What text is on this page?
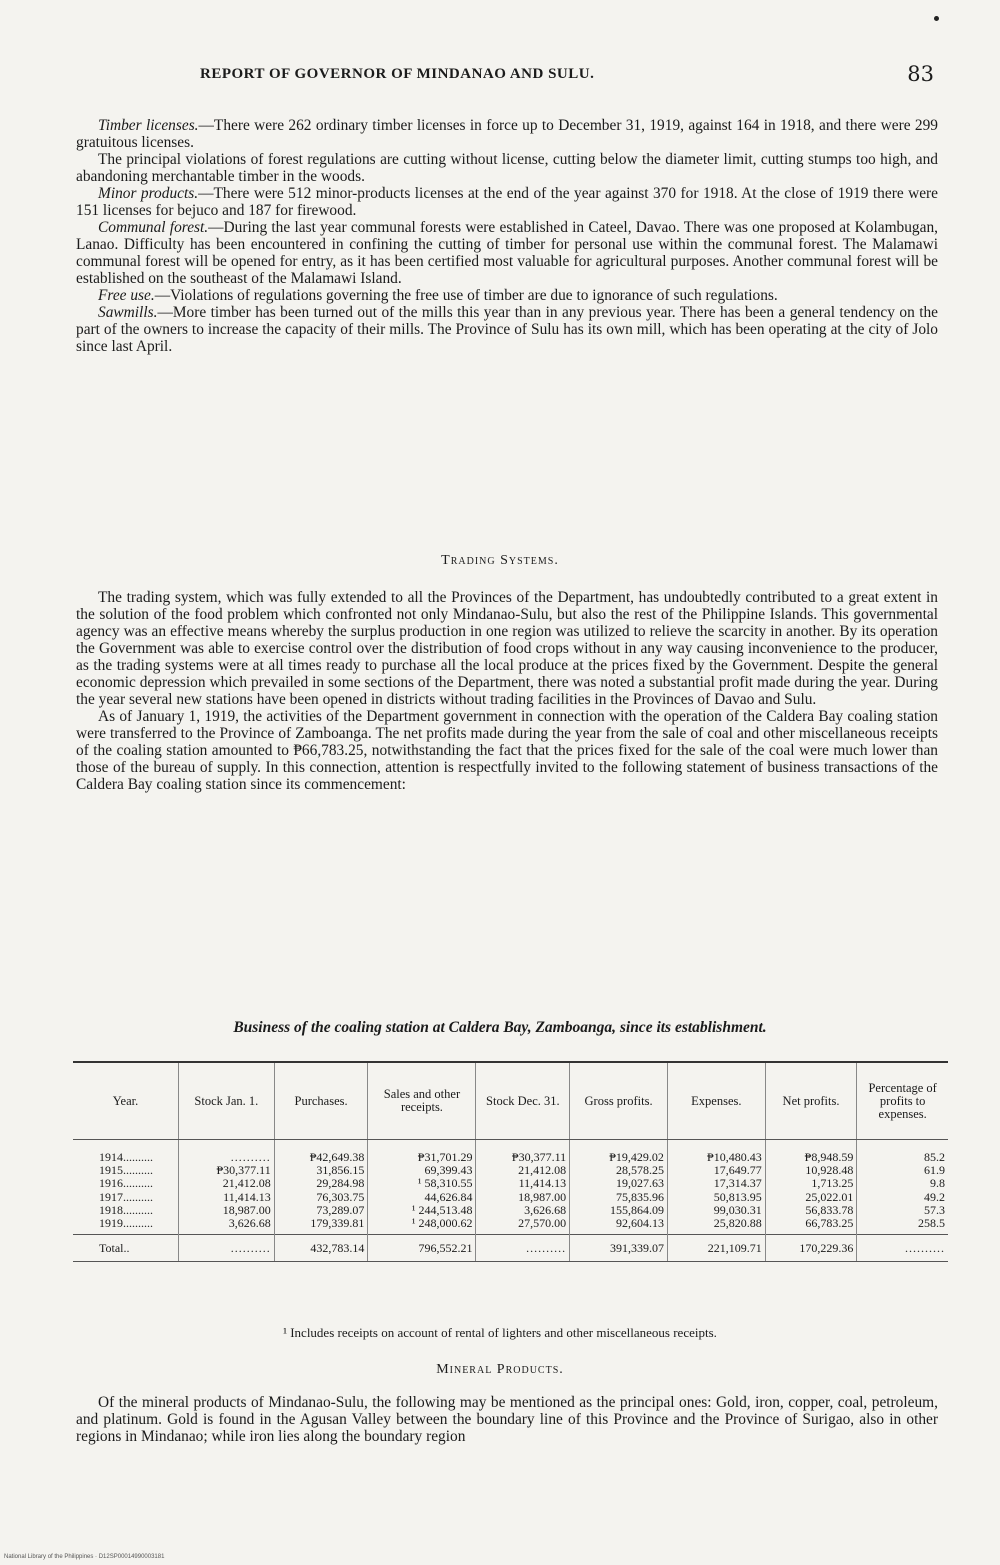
REPORT OF GOVERNOR OF MINDANAO AND SULU.	83

Timber licenses.—There were 262 ordinary timber licenses in force up to December 31, 1919, against 164 in 1918, and there were 299 gratuitous licenses.

The principal violations of forest regulations are cutting without license, cutting below the diameter limit, cutting stumps too high, and abandoning merchantable timber in the woods.

Minor products.—There were 512 minor-products licenses at the end of the year against 370 for 1918. At the close of 1919 there were 151 licenses for bejuco and 187 for firewood.

Communal forest.—During the last year communal forests were established in Cateel, Davao. There was one proposed at Kolambugan, Lanao. Difficulty has been encountered in confining the cutting of timber for personal use within the communal forest. The Malamawi communal forest will be opened for entry, as it has been certified most valuable for agricultural purposes. Another communal forest will be established on the southeast of the Malamawi Island.

Free use.—Violations of regulations governing the free use of timber are due to ignorance of such regulations.

Sawmills.—More timber has been turned out of the mills this year than in any previous year. There has been a general tendency on the part of the owners to increase the capacity of their mills. The Province of Sulu has its own mill, which has been operating at the city of Jolo since last April.

Trading Systems.

The trading system, which was fully extended to all the Provinces of the Department, has undoubtedly contributed to a great extent in the solution of the food problem which confronted not only Mindanao-Sulu, but also the rest of the Philippine Islands. This governmental agency was an effective means whereby the surplus production in one region was utilized to relieve the scarcity in another. By its operation the Government was able to exercise control over the distribution of food crops without in any way causing inconvenience to the producer, as the trading systems were at all times ready to purchase all the local produce at the prices fixed by the Government. Despite the general economic depression which prevailed in some sections of the Department, there was noted a substantial profit made during the year. During the year several new stations have been opened in districts without trading facilities in the Provinces of Davao and Sulu.

As of January 1, 1919, the activities of the Department government in connection with the operation of the Caldera Bay coaling station were transferred to the Province of Zamboanga. The net profits made during the year from the sale of coal and other miscellaneous receipts of the coaling station amounted to ₱66,783.25, notwithstanding the fact that the prices fixed for the sale of the coal were much lower than those of the bureau of supply. In this connection, attention is respectfully invited to the following statement of business transactions of the Caldera Bay coaling station since its commencement:

Business of the coaling station at Caldera Bay, Zamboanga, since its establishment.
Year.	Stock Jan. 1.	Purchases.	Sales and other receipts.	Stock Dec. 31.	Gross profits.	Expenses.	Net profits.	Percentage of profits to expenses.
1914..........	..........	₱42,649.38	₱31,701.29	₱30,377.11	₱19,429.02	₱10,480.43	₱8,948.59	85.2
1915..........	₱30,377.11	31,856.15	69,399.43	21,412.08	28,578.25	17,649.77	10,928.48	61.9
1916..........	21,412.08	29,284.98	¹ 58,310.55	11,414.13	19,027.63	17,314.37	1,713.25	9.8
1917..........	11,414.13	76,303.75	44,626.84	18,987.00	75,835.96	50,813.95	25,022.01	49.2
1918..........	18,987.00	73,289.07	¹ 244,513.48	3,626.68	155,864.09	99,030.31	56,833.78	57.3
1919..........	3,626.68	179,339.81	¹ 248,000.62	27,570.00	92,604.13	25,820.88	66,783.25	258.5

Total..	..........	432,783.14	796,552.21	..........	391,339.07	221,109.71	170,229.36	..........
¹ Includes receipts on account of rental of lighters and other miscellaneous receipts.
Mineral Products.

Of the mineral products of Mindanao-Sulu, the following may be mentioned as the principal ones: Gold, iron, copper, coal, petroleum, and platinum. Gold is found in the Agusan Valley between the boundary line of this Province and the Province of Surigao, also in other regions in Mindanao; while iron lies along the boundary region

National Library of the Philippines · D12SP00014990003181
